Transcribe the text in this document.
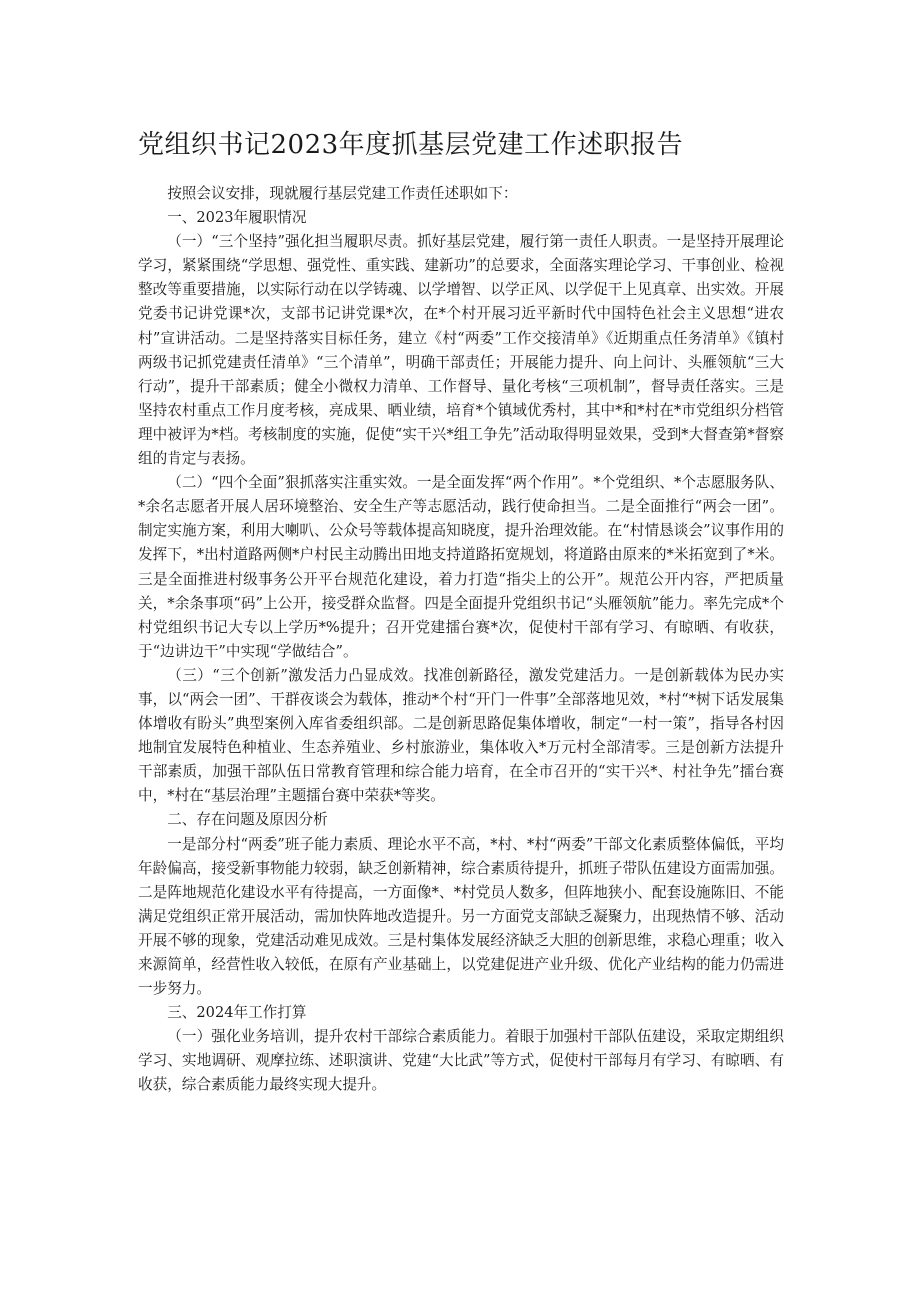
党组织书记2023年度抓基层党建工作述职报告

按照会议安排，现就履行基层党建工作责任述职如下：

一、2023年履职情况

（一）“三个坚持”强化担当履职尽责。抓好基层党建，履行第一责任人职责。一是坚持开展理论学习，紧紧围绕“学思想、强党性、重实践、建新功”的总要求，全面落实理论学习、干事创业、检视整改等重要措施，以实际行动在以学铸魂、以学增智、以学正风、以学促干上见真章、出实效。开展党委书记讲党课*次，支部书记讲党课*次，在*个村开展习近平新时代中国特色社会主义思想“进农村”宣讲活动。二是坚持落实目标任务，建立《村“两委”工作交接清单》《近期重点任务清单》《镇村两级书记抓党建责任清单》“三个清单”，明确干部责任；开展能力提升、向上问计、头雁领航“三大行动”，提升干部素质；健全小微权力清单、工作督导、量化考核“三项机制”，督导责任落实。三是坚持农村重点工作月度考核，亮成果、晒业绩，培育*个镇域优秀村，其中*和*村在*市党组织分档管理中被评为*档。考核制度的实施，促使“实干兴*组工争先”活动取得明显效果，受到*大督查第*督察组的肯定与表扬。

（二）“四个全面”狠抓落实注重实效。一是全面发挥“两个作用”。*个党组织、*个志愿服务队、*余名志愿者开展人居环境整治、安全生产等志愿活动，践行使命担当。二是全面推行“两会一团”。制定实施方案，利用大喇叭、公众号等载体提高知晓度，提升治理效能。在“村情恳谈会”议事作用的发挥下，*出村道路两侧*户村民主动腾出田地支持道路拓宽规划，将道路由原来的*米拓宽到了*米。三是全面推进村级事务公开平台规范化建设，着力打造“指尖上的公开”。规范公开内容，严把质量关，*余条事项“码”上公开，接受群众监督。四是全面提升党组织书记“头雁领航”能力。率先完成*个村党组织书记大专以上学历*%提升；召开党建擂台赛*次，促使村干部有学习、有晾晒、有收获，于“边讲边干”中实现“学做结合”。

（三）“三个创新”激发活力凸显成效。找准创新路径，激发党建活力。一是创新载体为民办实事，以“两会一团”、干群夜谈会为载体，推动*个村“开门一件事”全部落地见效，*村“*树下话发展集体增收有盼头”典型案例入库省委组织部。二是创新思路促集体增收，制定“一村一策”，指导各村因地制宜发展特色种植业、生态养殖业、乡村旅游业，集体收入*万元村全部清零。三是创新方法提升干部素质，加强干部队伍日常教育管理和综合能力培育，在全市召开的“实干兴*、村社争先”擂台赛中，*村在“基层治理”主题擂台赛中荣获*等奖。

二、存在问题及原因分析

一是部分村“两委”班子能力素质、理论水平不高，*村、*村“两委”干部文化素质整体偏低，平均年龄偏高，接受新事物能力较弱，缺乏创新精神，综合素质待提升，抓班子带队伍建设方面需加强。二是阵地规范化建设水平有待提高，一方面像*、*村党员人数多，但阵地狭小、配套设施陈旧、不能满足党组织正常开展活动，需加快阵地改造提升。另一方面党支部缺乏凝聚力，出现热情不够、活动开展不够的现象，党建活动难见成效。三是村集体发展经济缺乏大胆的创新思维，求稳心理重；收入来源简单，经营性收入较低，在原有产业基础上，以党建促进产业升级、优化产业结构的能力仍需进一步努力。

三、2024年工作打算

（一）强化业务培训，提升农村干部综合素质能力。着眼于加强村干部队伍建设，采取定期组织学习、实地调研、观摩拉练、述职演讲、党建“大比武”等方式，促使村干部每月有学习、有晾晒、有收获，综合素质能力最终实现大提升。
